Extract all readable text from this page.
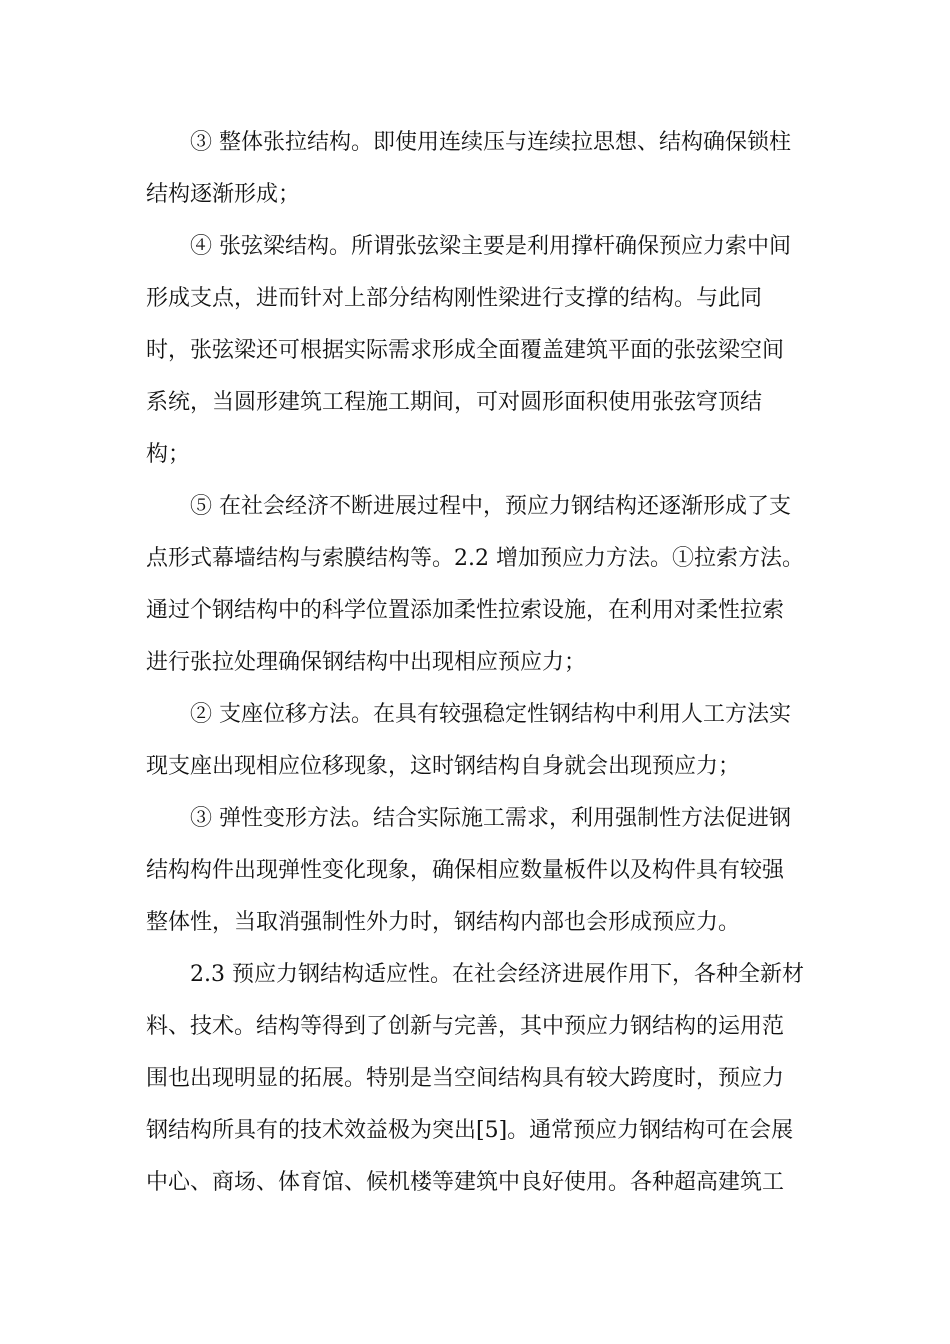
③ 整体张拉结构。即使用连续压与连续拉思想、结构确保锁柱
结构逐渐形成；
④ 张弦梁结构。所谓张弦梁主要是利用撑杆确保预应力索中间
形成支点，进而针对上部分结构刚性梁进行支撑的结构。与此同
时，张弦梁还可根据实际需求形成全面覆盖建筑平面的张弦梁空间
系统，当圆形建筑工程施工期间，可对圆形面积使用张弦穹顶结
构；
⑤ 在社会经济不断进展过程中，预应力钢结构还逐渐形成了支
点形式幕墙结构与索膜结构等。2.2 增加预应力方法。①拉索方法。
通过个钢结构中的科学位置添加柔性拉索设施，在利用对柔性拉索
进行张拉处理确保钢结构中出现相应预应力；
② 支座位移方法。在具有较强稳定性钢结构中利用人工方法实
现支座出现相应位移现象，这时钢结构自身就会出现预应力；
③ 弹性变形方法。结合实际施工需求，利用强制性方法促进钢
结构构件出现弹性变化现象，确保相应数量板件以及构件具有较强
整体性，当取消强制性外力时，钢结构内部也会形成预应力。
2.3 预应力钢结构适应性。在社会经济进展作用下，各种全新材
料、技术。结构等得到了创新与完善，其中预应力钢结构的运用范
围也出现明显的拓展。特别是当空间结构具有较大跨度时，预应力
钢结构所具有的技术效益极为突出[5]。通常预应力钢结构可在会展
中心、商场、体育馆、候机楼等建筑中良好使用。各种超高建筑工
